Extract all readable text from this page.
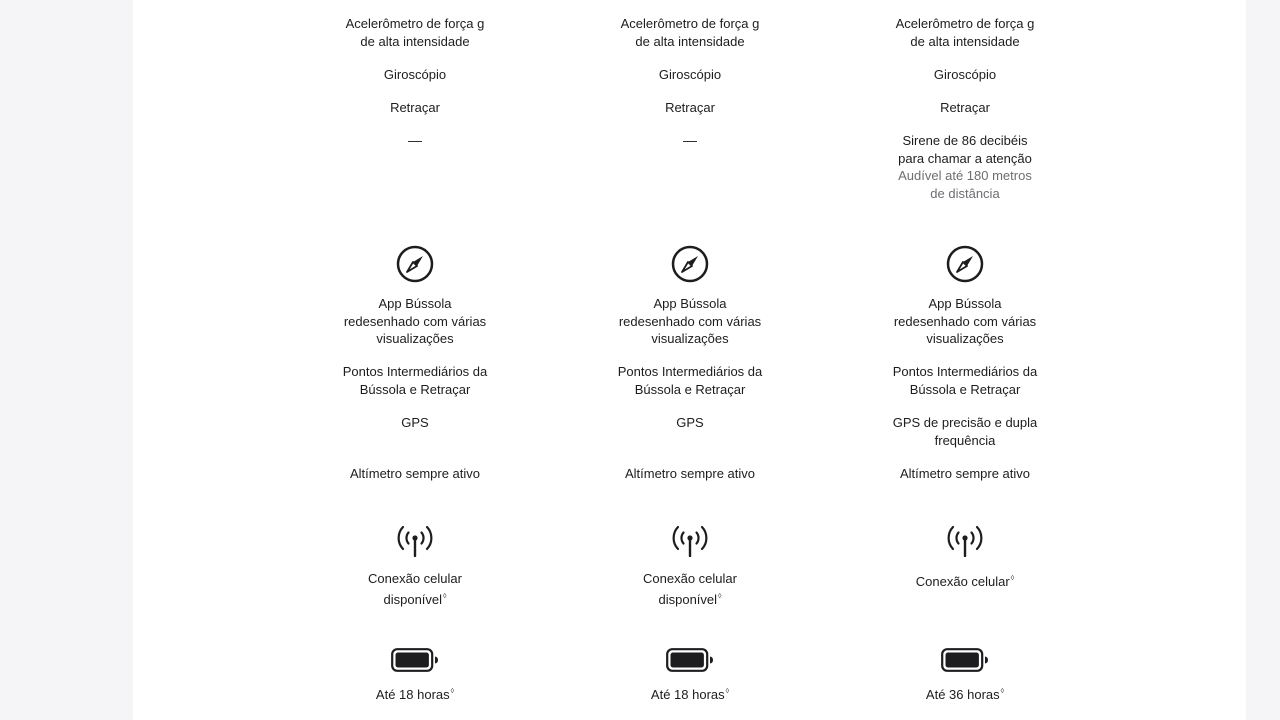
Acelerômetro de força g
de alta intensidade
Giroscópio
Retraçar
—
App Bússola
redesenhado com várias
visualizações
Pontos Intermediários da
Bússola e Retraçar
GPS
Altímetro sempre ativo
Conexão celular
disponível◊
Até 18 horas◊
Acelerômetro de força g
de alta intensidade
Giroscópio
Retraçar
—
App Bússola
redesenhado com várias
visualizações
Pontos Intermediários da
Bússola e Retraçar
GPS
Altímetro sempre ativo
Conexão celular
disponível◊
Até 18 horas◊
Acelerômetro de força g
de alta intensidade
Giroscópio
Retraçar
Sirene de 86 decibéis
para chamar a atenção
Audível até 180 metros
de distância
App Bússola
redesenhado com várias
visualizações
Pontos Intermediários da
Bússola e Retraçar
GPS de precisão e dupla
frequência
Altímetro sempre ativo
Conexão celular◊
Até 36 horas◊
